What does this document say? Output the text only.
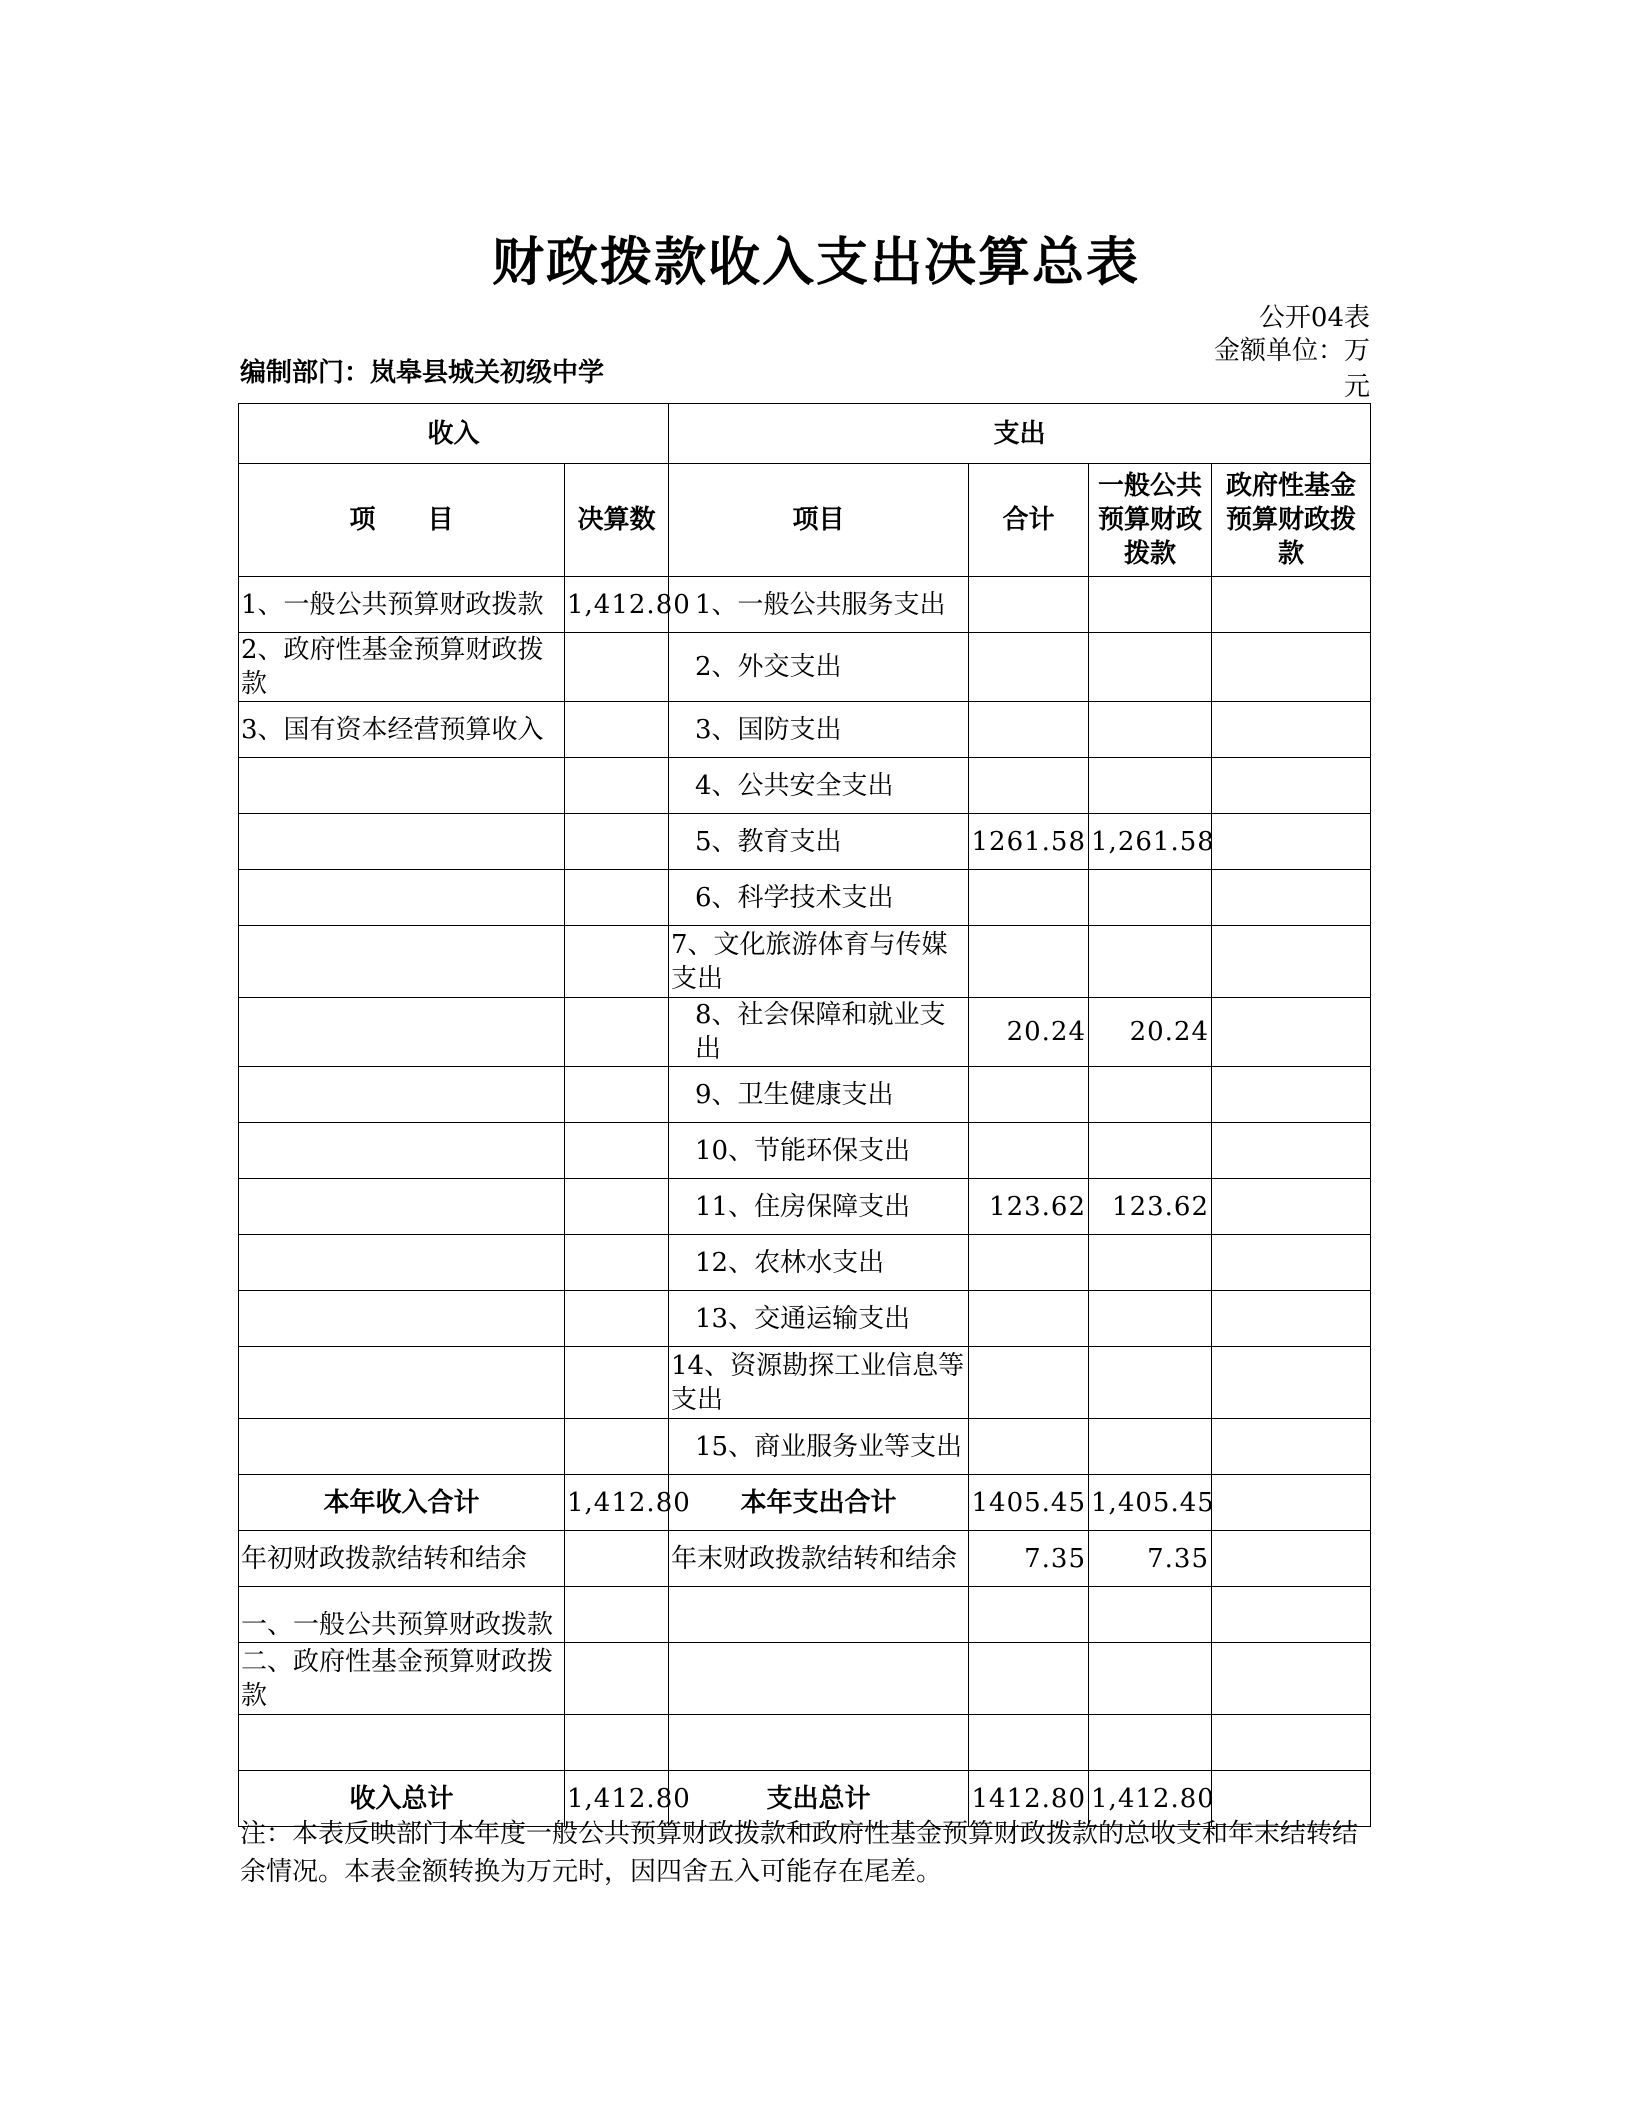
财政拨款收入支出决算总表
公开04表
金额单位：万元
编制部门：岚皋县城关初级中学
收入		支出			
项　　目	决算数	项目	合计	一般公共预算财政拨款	政府性基金预算财政拨款
1、一般公共预算财政拨款	1,412.80	1、一般公共服务支出			
2、政府性基金预算财政拨款		2、外交支出			
3、国有资本经营预算收入		3、国防支出			
		4、公共安全支出			
		5、教育支出	1261.58	1,261.58	
		6、科学技术支出			
		7、文化旅游体育与传媒支出			
		8、社会保障和就业支出	20.24	20.24	
		9、卫生健康支出			
		10、节能环保支出			
		11、住房保障支出	123.62	123.62	
		12、农林水支出			
		13、交通运输支出			
		14、资源勘探工业信息等支出			
		15、商业服务业等支出			
本年收入合计	1,412.80	本年支出合计	1405.45	1,405.45	
年初财政拨款结转和结余		年末财政拨款结转和结余	7.35	7.35	
一、一般公共预算财政拨款					
二、政府性基金预算财政拨款					

收入总计	1,412.80	支出总计	1412.80	1,412.80	
注：本表反映部门本年度一般公共预算财政拨款和政府性基金预算财政拨款的总收支和年末结转结余情况。本表金额转换为万元时，因四舍五入可能存在尾差。
